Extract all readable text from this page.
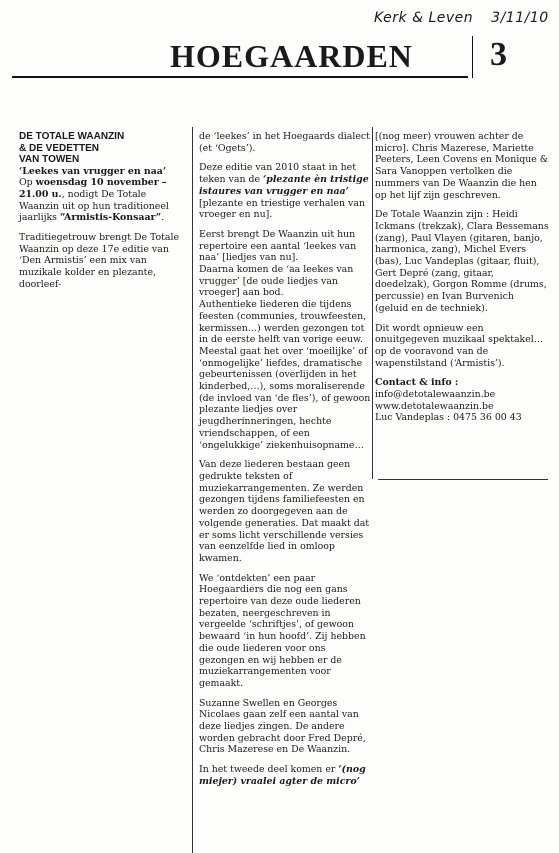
Kerk & Leven 3/11/10
HOEGAARDEN 3
DE TOTALE WAANZIN
& DE VEDETTEN
VAN TOWEN
‘Leekes van vrugger en naa’

Op woensdag 10 november – 21.00 u., nodigt De Totale Waanzin uit op hun traditioneel jaarlijks “Armistis-Konsaar”.

Traditiegetrouw brengt De Totale Waanzin op deze 17e editie van ‘Den Armistis’ een mix van muzikale kolder en plezante, doorleef-

de ‘leekes’ in het Hoegaards dialect (et ‘Ogets’).

Deze editie van 2010 staat in het teken van de ‘plezante èn tristige istaures van vrugger en naa’ [plezante en triestige verhalen van vroeger en nu].

Eerst brengt De Waanzin uit hun repertoire een aantal ‘leekes van naa’ [liedjes van nu].

Daarna komen de ‘aa leekes van vrugger’ [de oude liedjes van vroeger] aan bod.

Authentieke liederen die tijdens feesten (communies, trouwfeesten, kermissen…) werden gezongen tot in de eerste helft van vorige eeuw. Meestal gaat het over ‘moeilijke’ of ‘onmogelijke’ liefdes, dramatische gebeurtenissen (overlijden in het kinderbed,…), soms moraliserende (de invloed van ‘de fles’), of gewoon plezante liedjes over jeugdherinneringen, hechte vriendschappen, of een ‘ongelukkige’ ziekenhuisopname…

Van deze liederen bestaan geen gedrukte teksten of muziekarrangementen. Ze werden gezongen tijdens familiefeesten en werden zo doorgegeven aan de volgende generaties. Dat maakt dat er soms licht verschillende versies van eenzelfde lied in omloop kwamen.

We ‘ontdekten’ een paar Hoegaardiers die nog een gans repertoire van deze oude liederen bezaten, neergeschreven in vergeelde ‘schriftjes’, of gewoon bewaard ‘in hun hoofd’. Zij hebben die oude liederen voor ons gezongen en wij hebben er de muziekarrangementen voor gemaakt.

Suzanne Swellen en Georges Nicolaes gaan zelf een aantal van deze liedjes zingen. De andere worden gebracht door Fred Depré, Chris Mazerese en De Waanzin.

In het tweede deel komen er ‘(nog miejer) vraalei agter de micro’

[(nog meer) vrouwen achter de micro]. Chris Mazerese, Mariette Peeters, Leen Covens en Monique & Sara Vanoppen vertolken die nummers van De Waanzin die hen op het lijf zijn geschreven.

De Totale Waanzin zijn : Heidi Ickmans (trekzak), Clara Bessemans (zang), Paul Vlayen (gitaren, banjo, harmonica, zang), Michel Evers (bas), Luc Vandeplas (gitaar, fluit), Gert Depré (zang, gitaar, doedelzak), Gorgon Romme (drums, percussie) en Ivan Burvenich (geluid en de techniek).

Dit wordt opnieuw een onuitgegeven muzikaal spektakel… op de vooravond van de wapenstilstand (‘Armistis’).

Contact & info :
info@detotalewaanzin.be
www.detotalewaanzin.be
Luc Vandeplas : 0475 36 00 43
